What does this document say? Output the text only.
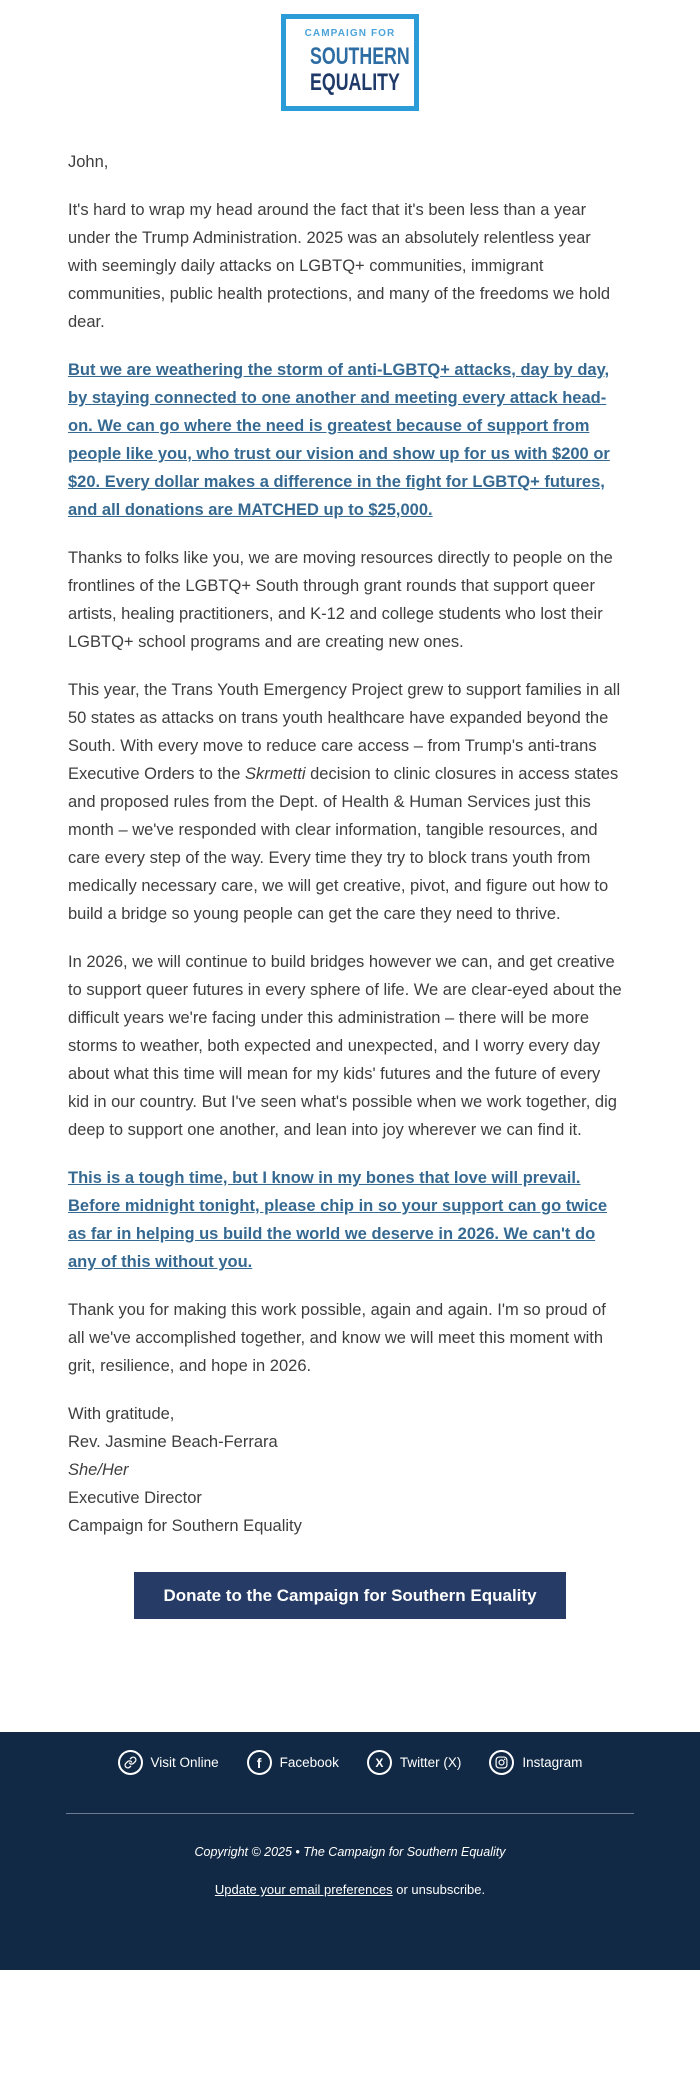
CAMPAIGN FOR
SOUTHERN
EQUALITY

John,

It's hard to wrap my head around the fact that it's been less than a year under the Trump Administration. 2025 was an absolutely relentless year with seemingly daily attacks on LGBTQ+ communities, immigrant communities, public health protections, and many of the freedoms we hold dear.

But we are weathering the storm of anti-LGBTQ+ attacks, day by day, by staying connected to one another and meeting every attack head-on. We can go where the need is greatest because of support from people like you, who trust our vision and show up for us with $200 or $20. Every dollar makes a difference in the fight for LGBTQ+ futures, and all donations are MATCHED up to $25,000.

Thanks to folks like you, we are moving resources directly to people on the frontlines of the LGBTQ+ South through grant rounds that support queer artists, healing practitioners, and K-12 and college students who lost their LGBTQ+ school programs and are creating new ones.

This year, the Trans Youth Emergency Project grew to support families in all 50 states as attacks on trans youth healthcare have expanded beyond the South. With every move to reduce care access – from Trump's anti-trans Executive Orders to the Skrmetti decision to clinic closures in access states and proposed rules from the Dept. of Health & Human Services just this month – we've responded with clear information, tangible resources, and care every step of the way. Every time they try to block trans youth from medically necessary care, we will get creative, pivot, and figure out how to build a bridge so young people can get the care they need to thrive.

In 2026, we will continue to build bridges however we can, and get creative to support queer futures in every sphere of life. We are clear-eyed about the difficult years we're facing under this administration – there will be more storms to weather, both expected and unexpected, and I worry every day about what this time will mean for my kids' futures and the future of every kid in our country. But I've seen what's possible when we work together, dig deep to support one another, and lean into joy wherever we can find it.

This is a tough time, but I know in my bones that love will prevail. Before midnight tonight, please chip in so your support can go twice as far in helping us build the world we deserve in 2026. We can't do any of this without you.

Thank you for making this work possible, again and again. I'm so proud of all we've accomplished together, and know we will meet this moment with grit, resilience, and hope in 2026.

With gratitude,
Rev. Jasmine Beach-Ferrara
She/Her
Executive Director
Campaign for Southern Equality
Donate to the Campaign for Southern Equality
Visit Online	f Facebook	X Twitter (X)	Instagram
Copyright © 2025 • The Campaign for Southern Equality
Update your email preferences or unsubscribe.
